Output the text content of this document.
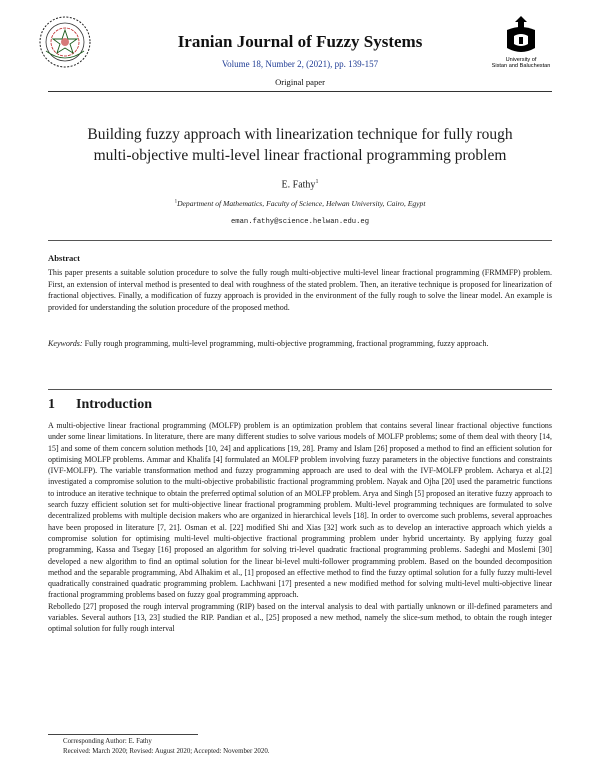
Iranian Journal of Fuzzy Systems
Volume 18, Number 2, (2021), pp. 139-157
Original paper
University of
Sistan and Baluchestan
Building fuzzy approach with linearization technique for fully rough
multi-objective multi-level linear fractional programming problem
E. Fathy$^1$
$^1$Department of Mathematics, Faculty of Science, Helwan University, Cairo, Egypt
eman.fathy@science.helwan.edu.eg
Abstract
This paper presents a suitable solution procedure to solve the fully rough multi-objective multi-level linear fractional programming (FRMMFP) problem. First, an extension of interval method is presented to deal with roughness of the stated problem. Then, an iterative technique is proposed for linearization of fractional objectives. Finally, a modification of fuzzy approach is provided in the environment of the fully rough to solve the linear model. An example is provided for understanding the solution procedure of the proposed method.
Keywords: Fully rough programming, multi-level programming, multi-objective programming, fractional programming, fuzzy approach.
1 Introduction

A multi-objective linear fractional programming (MOLFP) problem is an optimization problem that contains several linear fractional objective functions under some linear limitations. In literature, there are many different studies to solve various models of MOLFP problems; some of them deal with theory [14, 15] and some of them concern solution methods [10, 24] and applications [19, 28]. Pramy and Islam [26] proposed a method to find an efficient solution for optimising MOLFP problems. Ammar and Khalifa [4] formulated an MOLFP problem involving fuzzy parameters in the objective functions and constraints (IVF-MOLFP). The variable transformation method and fuzzy programming approach are used to deal with the IVF-MOLFP problem. Acharya et al.[2] investigated a compromise solution to the multi-objective probabilistic fractional programming problem. Nayak and Ojha [20] used the parametric functions to introduce an iterative technique to obtain the preferred optimal solution of an MOLFP problem. Arya and Singh [5] proposed an iterative fuzzy approach to search fuzzy efficient solution set for multi-objective linear fractional programming problem. Multi-level programming techniques are formulated to solve decentralized problems with multiple decision makers who are organized in hierarchical levels [18]. In order to overcome such problems, several approaches have been proposed in literature [7, 21]. Osman et al. [22] modified Shi and Xias [32] work such as to develop an interactive approach which yields a compromise solution for optimising multi-level multi-objective fractional programming problem under hybrid uncertainty. By applying fuzzy goal programming, Kassa and Tsegay [16] proposed an algorithm for solving tri-level quadratic fractional programming problems. Sadeghi and Moslemi [30] developed a new algorithm to find an optimal solution for the linear bi-level multi-follower programming problem. Based on the bounded decomposition method and the separable programming, Abd Alhakim et al., [1] proposed an effective method to find the fuzzy optimal solution for a fully fuzzy multi-level quadratically constrained quadratic programming problem. Lachhwani [17] presented a new modified method for solving multi-level multi-objective linear fractional programming problems based on fuzzy goal programming approach.

Rebolledo [27] proposed the rough interval programming (RIP) based on the interval analysis to deal with partially unknown or ill-defined parameters and variables. Several authors [13, 23] studied the RIP. Pandian et al., [25] proposed a new method, namely the slice-sum method, to obtain the rough integer optimal solution for fully rough interval

Corresponding Author: E. Fathy
Received: March 2020; Revised: August 2020; Accepted: November 2020.
